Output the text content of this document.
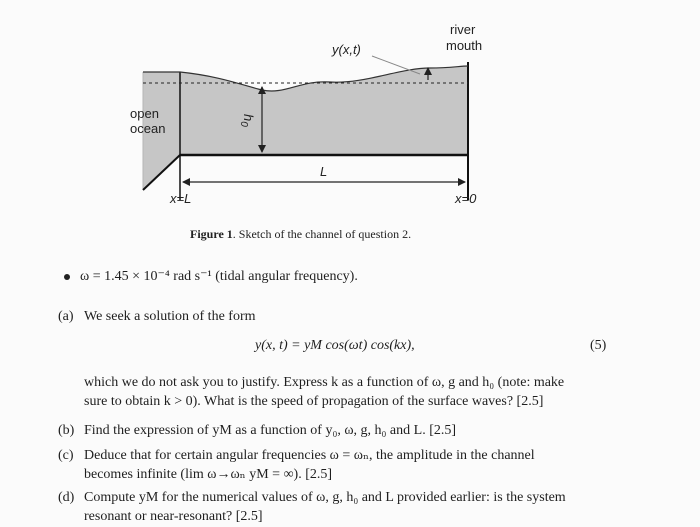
river
mouth
y(x,t)
open
ocean
$h_0$
L
x=L	x=0
Figure 1. Sketch of the channel of question 2.
ω = 1.45 × 10⁻⁴ rad s⁻¹ (tidal angular frequency).
(a) We seek a solution of the form
y(x, t) = yM cos(ωt) cos(kx),	(5)
which we do not ask you to justify. Express k as a function of ω, g and h₀ (note: make
sure to obtain k > 0). What is the speed of propagation of the surface waves? [2.5]
(b) Find the expression of yM as a function of y₀, ω, g, h₀ and L. [2.5]
(c) Deduce that for certain angular frequencies ω = ωₙ, the amplitude in the channel
becomes infinite (lim ω→ωₙ yM = ∞). [2.5]
(d) Compute yM for the numerical values of ω, g, h₀ and L provided earlier: is the system
resonant or near-resonant? [2.5]
